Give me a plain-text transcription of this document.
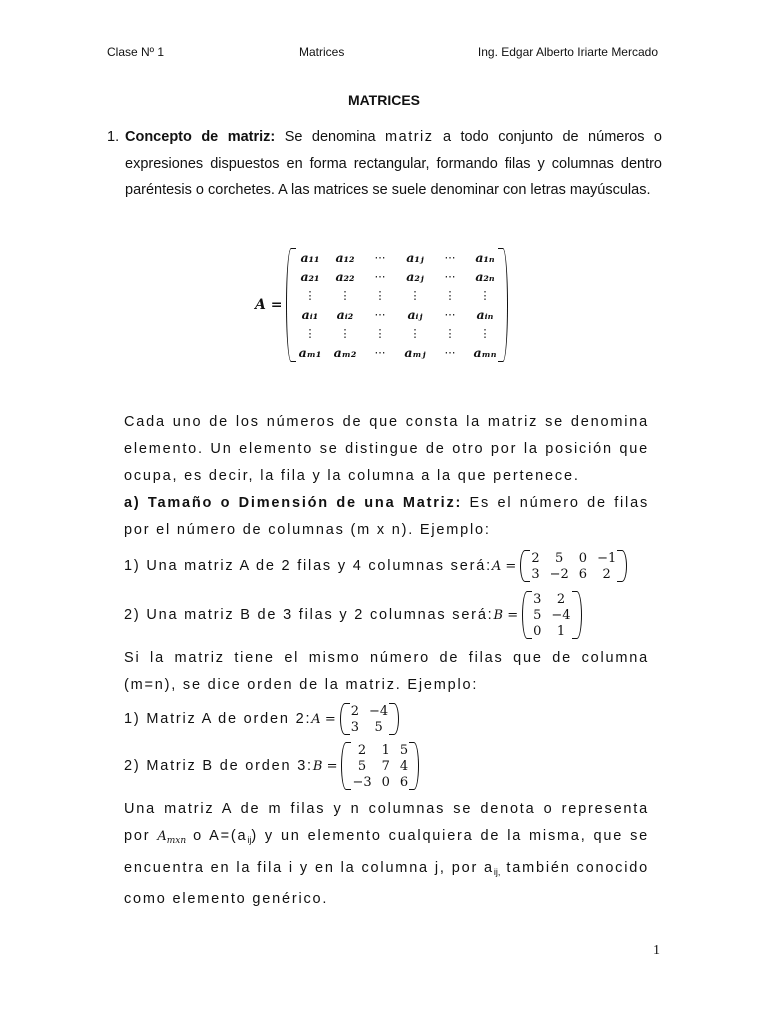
Clase Nº 1	Matrices	Ing. Edgar Alberto Iriarte Mercado
MATRICES
1. Concepto de matriz: Se denomina matriz a todo conjunto de números o expresiones dispuestos en forma rectangular, formando filas y columnas dentro paréntesis o corchetes. A las matrices se suele denominar con letras mayúsculas.
A =
a₁₁	a₁₂	⋯	a₁ⱼ	⋯	a₁ₙ
a₂₁	a₂₂	⋯	a₂ⱼ	⋯	a₂ₙ
⋮	⋮	⋮	⋮	⋮	⋮
aᵢ₁	aᵢ₂	⋯	aᵢⱼ	⋯	aᵢₙ
⋮	⋮	⋮	⋮	⋮	⋮
aₘ₁	aₘ₂	⋯	aₘⱼ	⋯	aₘₙ
Cada uno de los números de que consta la matriz se denomina elemento. Un elemento se distingue de otro por la posición que ocupa, es decir, la fila y la columna a la que pertenece.
a) Tamaño o Dimensión de una Matriz: Es el número de filas por el número de columnas (m x n). Ejemplo:
1) Una matriz A de 2 filas y 4 columnas será: A =
2	5	0	−1
3	−2	6	2
2) Una matriz B de 3 filas y 2 columnas será: B =
3	2
5	−4
0	1
Si la matriz tiene el mismo número de filas que de columna (m=n), se dice orden de la matriz. Ejemplo:
1) Matriz A de orden 2: A =
2	−4
3	5
2) Matriz B de orden 3: B =
2	1	5
5	7	4
−3	0	6
Una matriz A de m filas y n columnas se denota o representa por $A_{mxn}$ o $A=(a_{ij})$ y un elemento cualquiera de la misma, que se encuentra en la fila i y en la columna j, por $a_{ij,}$ también conocido como elemento genérico.
1
